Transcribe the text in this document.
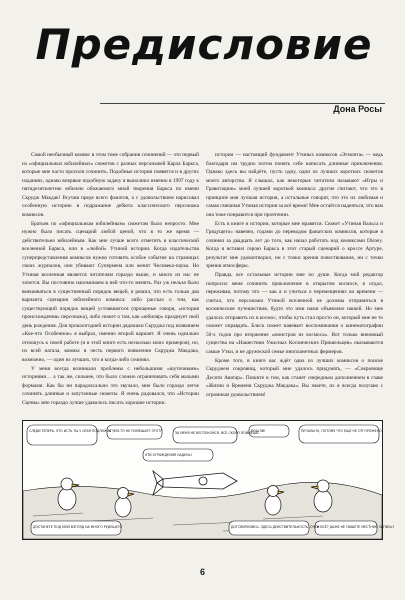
Предисловие
Дона Росы

Самой необычный комикс в этом томе собрания сочинений — это первый из «официальных юбилейных» сюжетов с разных персонажей Карла Баркса, которые мне часто просили сочинить. Подобные истории появятся и в других изданиях, однако впервые подобную задачу я выполнил именно в 1997 году к пятидесятилетию юбилею обожаемого мной творения Баркса по имени Скрудж Макдак! Всучив преде всего фанатов, а с удовольствием нарисовал особенную историю в подражание дебюта классического персонажа комиксов.

Братьев по «официальным юбилейным» сюжетам было непросто. Мне нужно было писать сценарий любой ценой, что в то же время — действительно юбилейным. Как мне лучше всего отметить в классической вселенной Баркса, или в «любой» Утиной истории. Когда издательства суперпредставления комиксов нужно готовить особое событие на страницах своих журналов, они убивают Супермена или женят Человека-паука. Но Утиная вселенная является читателям гораздо выше, и много из нас не хочется. Вы постоянно напоминаем в ней что-то менять. Раз уж нельзя было вмешиваться в существенный порядок вещей, я решил, что есть только два варианта сценария юбилейного комикса: либо рассказ о том, как существующий порядок вещей устоявшегося (прощеные говоря, «история происхождения» персонажа), либо сюжет о том, как «юбиляр» празднует свой день рождения. Для прошлогодней истории дядюшки Скруджа под названием «Кое-что Особенное» я выбрал, именно второй вариант. Я очень идеально отношусь к своей работе (и в этой книге есть несколько моих примеров), но, из всей нагала, комикс в честь первого появления Скруджа Макдака, возможно, — один из лучших, что я когда-либо сочинял.

У меня всегда возникали проблемы с небольшими «шуточными» историями… а так же, сильнее, что было сложно ограничивать себя малыми формами. Как бы ни парадоксально это звучало, мне было гораздо легче сочинять длинные и запутанные сюжеты. Я очень радовался, что «Истории Сцены» мне гораздо лучше удавалось писать хорошие истории.

истории — настоящий фундамент Утиных комиксов «Эгмонта» — ведь благодаря им трудно потом понять себе написать длинные приключения. Однако здесь вы найдёте, пусть одну, одни из лучших коротких сюжетов моего авторства. Я слышал, как некоторые читатели называют «Игры и Гравитацию» моей лучшей короткой комикса: другие считают, что это в принципе моя лучшая история, а остальные говорят, что это их любимая и самая смешная Утиная история за всё время! Мне остаётся надеяться, что вам она тоже понравится при прочтении.

Есть в книге и истории, которые мне нравятся. Сюжет «Утиная Вальса и Грядущего» навеяно, годами до переводом фанатских комиксов, которые я сочинял за двадцать лет до того, как начал работать над комиксами Disney. Когда я вставил герою Баркса в этот старый сценарий о кроссе Артуре, результат мне удовлетворил, ни с точки зрения повествования, ни с точки зрения атмосферы.

Правда, все остальные истории мне по душе. Когда мой редактор попросил меня сочинить приключение в открытом космосе, я отдал, переживая, потому что — как я и учиться о перемещениях во времени — считал, что персонажи Утиной вселенной не должны отправиться в космические путешествия, будто это ими нами объявлено нашей. Но мне удалось отправить их в космос, чтобы путь стал просто он, который мне не то сможет оправдать. Блеск сюжет навевает воспоминания о кинематографии 50-х годов про вторжение «монстров из космоса». Вот только виновный существа на «Нашествии Ужасных Космических Пришельцев» оказываются самые Утки, и не дружеской семье инопланетных фермеров.

Кроме того, в книге вас ждёт одна из лучших комиксов о поиске Скруджем сокровищ, который мне удалось придумать, — «Сокровище Десяти Аватар». Пишите в том, как станет очередным дополнением в главе «Жизни и Времени Скруджа Макдака». Вы знаете, их я всегда получаю с огромным удовольствием!

СЛЕДИ ТЕПЕРЬ. ЭТО ИСТЬ ТЫ У СЕБЯ ПОДЛОЖАТ,
А ЧЕМ-ТО НЕ ПОМЕШАЕТ ЭТОТ?	ЗА МЕНЯ НЕ БЕСПОКОЙСЯ. ВСЁ СКОРО ПОЙМЁШЬ.
ПОШЛИ!	ПЕЧАЛЬНО, ПОТОМУ ЧТО ЕЩЁ НЕ ОТГОРОЖЕНО!
ЭТИ ОГРАЖДЕНИЯ НАДЕНЬ!
ДОСТАНЕТЕ ПОД МОЙ ВЗГЛЯД НА МНОГО РУДУЩЕГО	ДОГОВОРИЛИСЬ. ЗДЕСЬ ДЕЙСТВИТЕЛЬНОСТЬ, ОЧЕН
И ВСЁ? ДАЖЕ НЕ ПИШЕТЕ МЕСТНУЮ ЗАПИСЬ?
6
